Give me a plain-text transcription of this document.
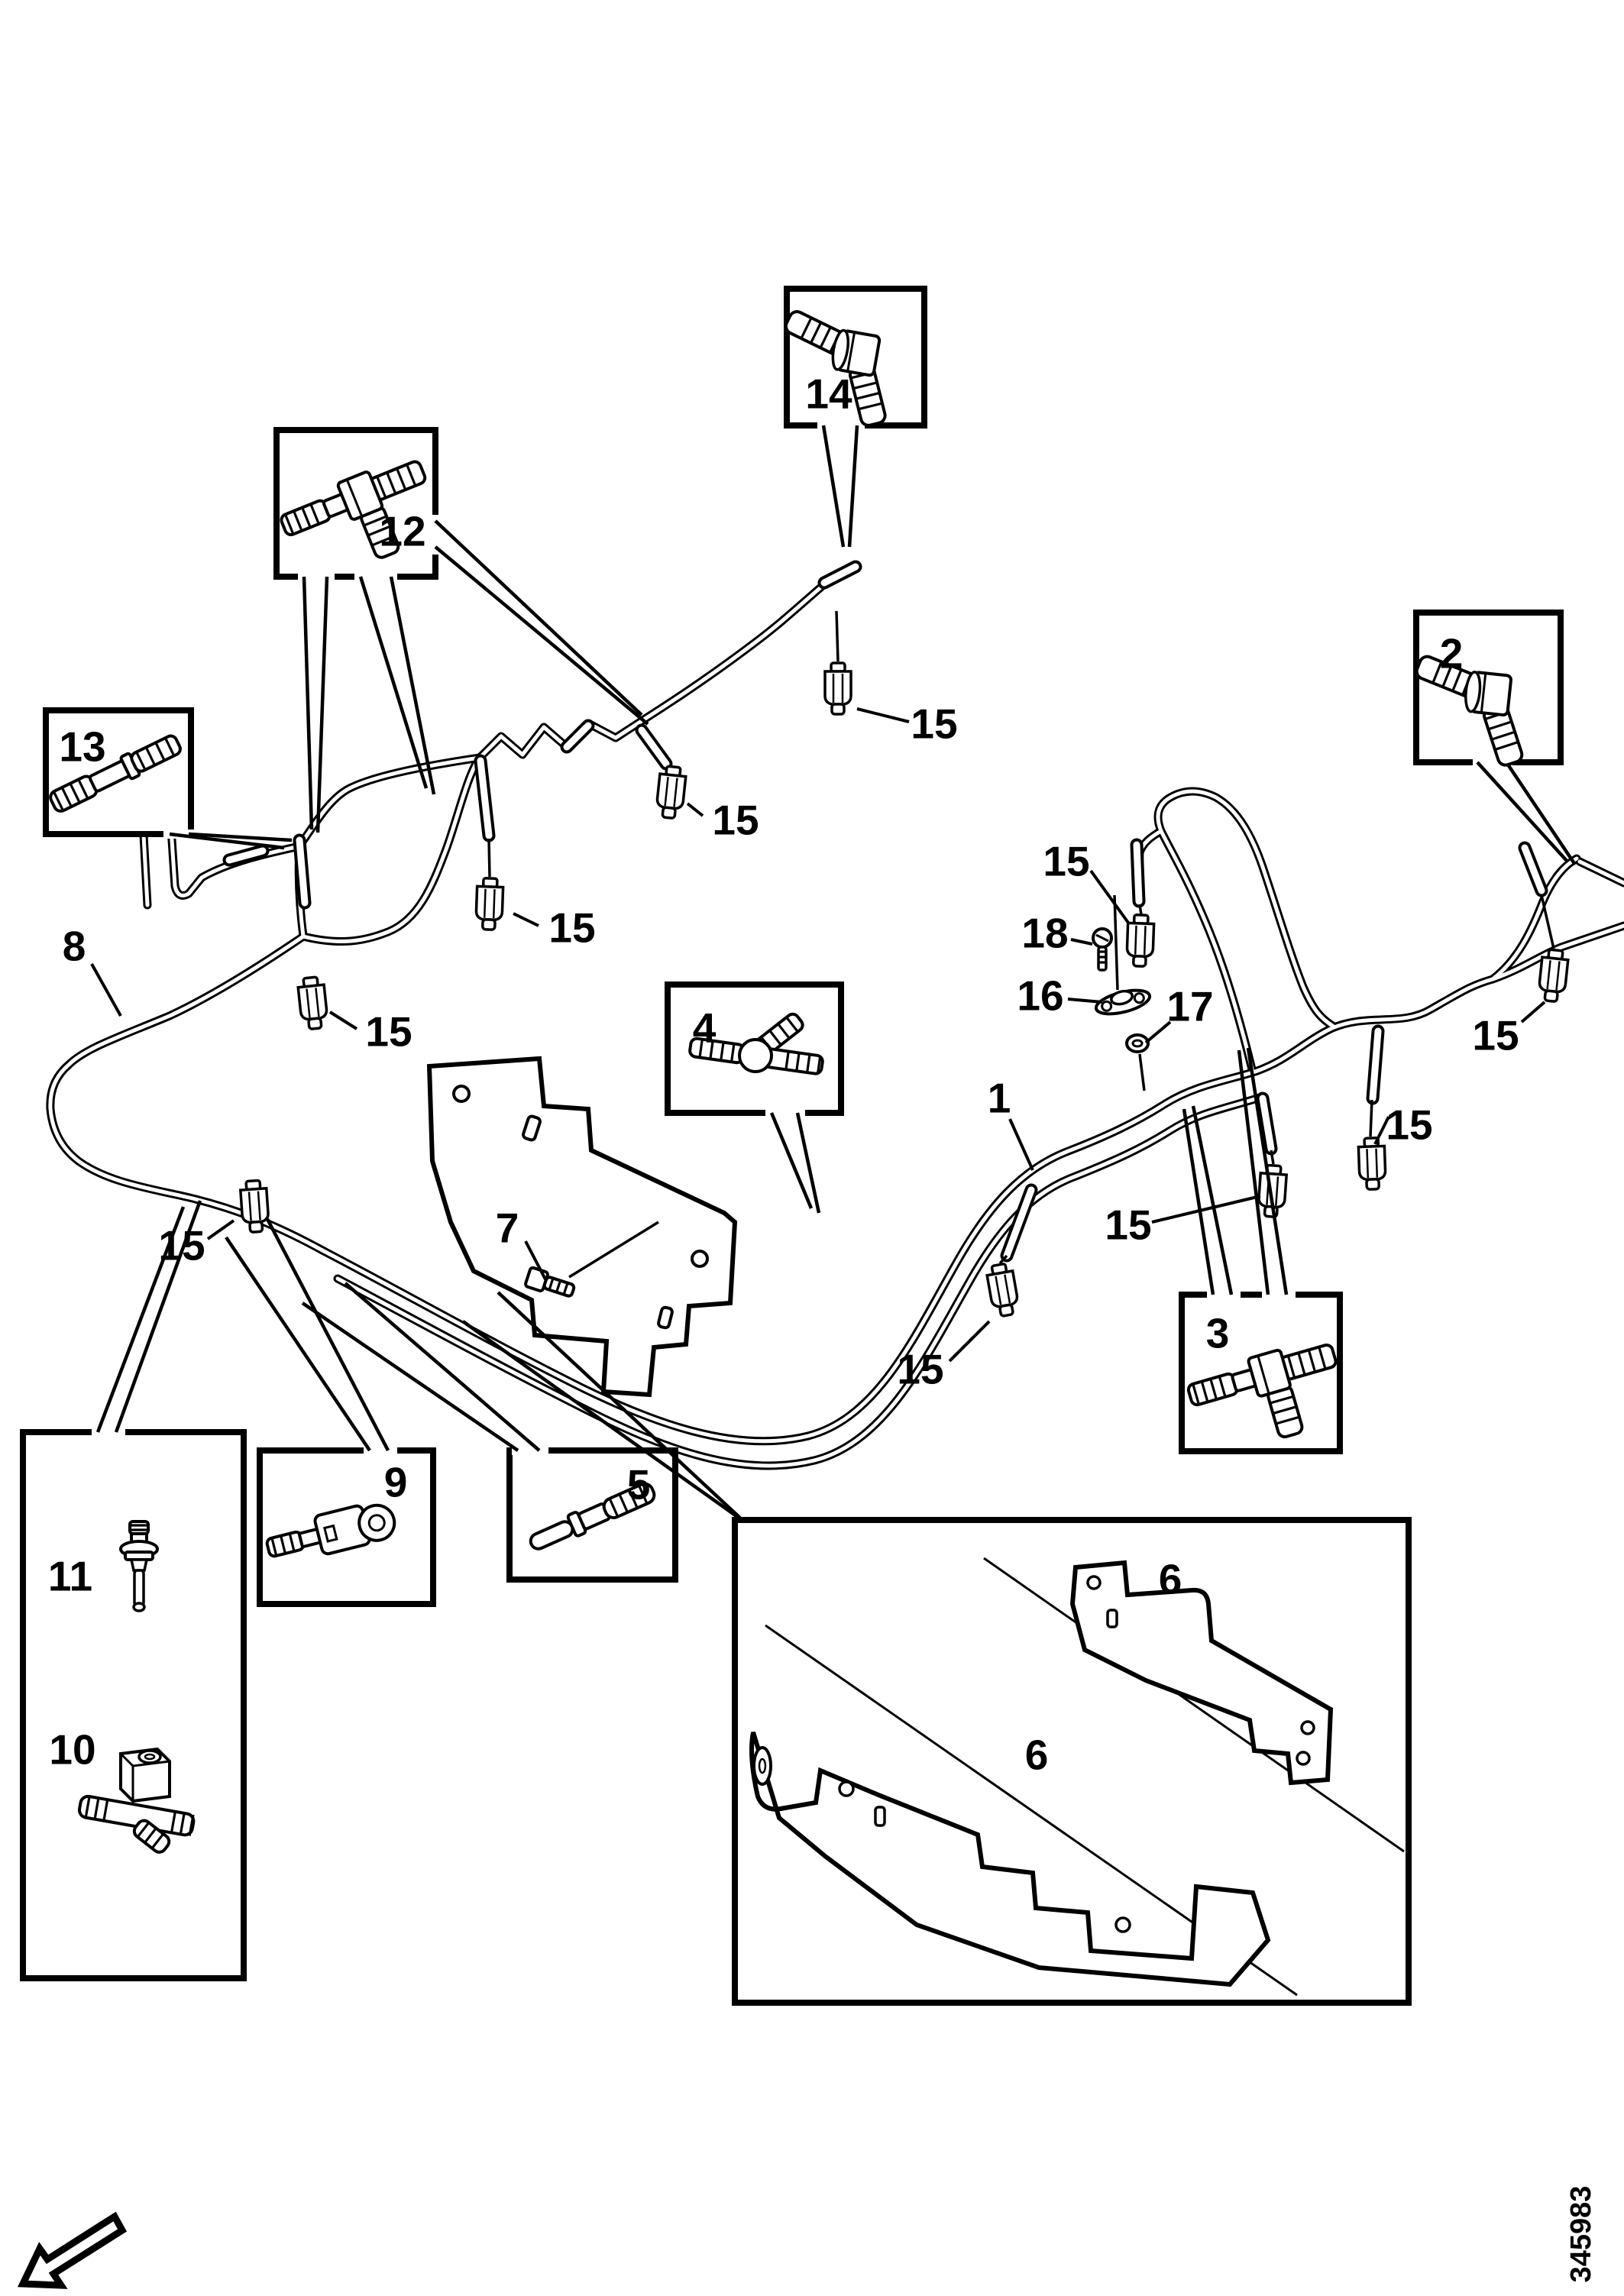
14
12
13
2
4
3
9	5
11
10
6
6
8
7
1
18
16 17
15
15
15
15
15
15
15
15
15
15
345983
